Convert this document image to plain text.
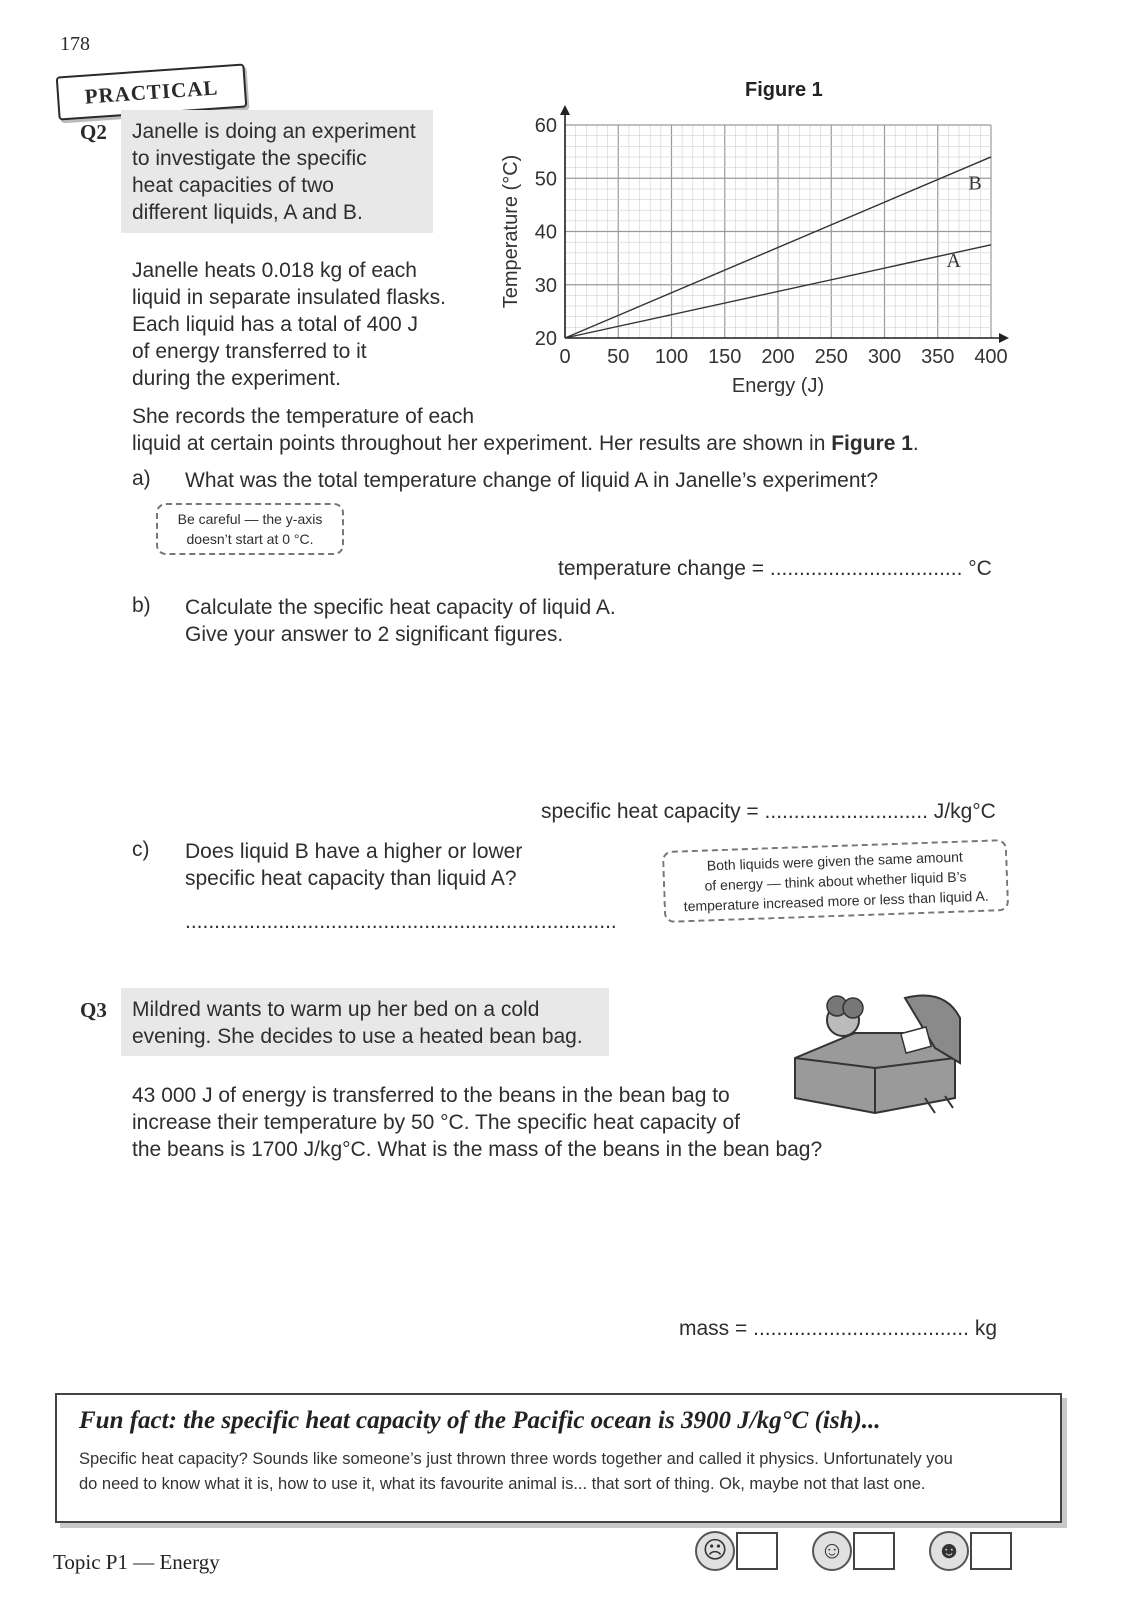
178
PRACTICAL
Q2 Janelle is doing an experiment
to investigate the specific
heat capacities of two
different liquids, A and B.
Janelle heats 0.018 kg of each
liquid in separate insulated flasks.
Each liquid has a total of 400 J
of energy transferred to it
during the experiment.
She records the temperature of each
liquid at certain points throughout her experiment. Her results are shown in Figure 1.
Figure 1
0 50 100 150 200 250 300 350 400
20
30
40
50
60
Energy (J)
Temperature (°C)	B
A
a) What was the total temperature change of liquid A in Janelle’s experiment?
Be careful — the y-axis
doesn’t start at 0 °C.
temperature change = ................................. °C
b) Calculate the specific heat capacity of liquid A.
Give your answer to 2 significant figures.
specific heat capacity = ............................ J/kg°C
c) Does liquid B have a higher or lower
specific heat capacity than liquid A?
..........................................................................
Both liquids were given the same amount
of energy — think about whether liquid B’s
temperature increased more or less than liquid A.
Q3 Mildred wants to warm up her bed on a cold
evening. She decides to use a heated bean bag.
43 000 J of energy is transferred to the beans in the bean bag to
increase their temperature by 50 °C. The specific heat capacity of
the beans is 1700 J/kg°C. What is the mass of the beans in the bean bag?
mass = ..................................... kg
Fun fact: the specific heat capacity of the Pacific ocean is 3900 J/kg°C (ish)...
Specific heat capacity? Sounds like someone’s just thrown three words together and called it physics. Unfortunately you
do need to know what it is, how to use it, what its favourite animal is... that sort of thing. Ok, maybe not that last one.
Topic P1 — Energy	☹	☺	☻
